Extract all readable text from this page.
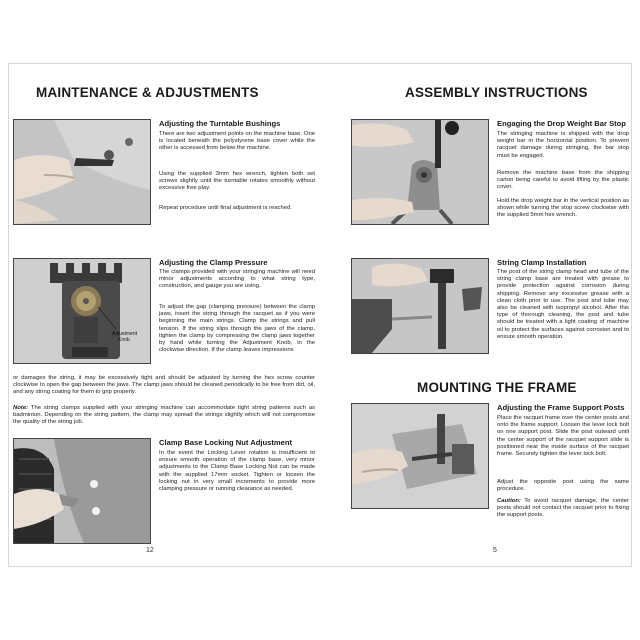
MAINTENANCE & ADJUSTMENTS
Adjusting the Turntable Bushings

There are two adjustment points on the machine base. One is located beneath the polystyrene base cover while the other is accessed from below the machine.

Using the supplied 3mm hex wrench, tighten both set screws slightly until the turntable rotates smoothly without excessive free play.

Repeat procedure until final adjustment is reached.

Adjustment Knob
Adjusting the Clamp Pressure

The clamps provided with your stringing machine will need minor adjustments according to what string type, construction, and gauge you are using.

To adjust the gap (clamping pressure) between the clamp jaws, insert the string through the racquet as if you were beginning the main strings. Clamp the strings and pull tension. If the string slips through the jaws of the clamp, tighten the clamp by compressing the clamp jaws together by hand while turning the Adjustment Knob, in the clockwise direction. If the clamp leaves impressions

or damages the string, it may be excessively tight and should be adjusted by turning the hex screw counter clockwise to open the gap between the jaws. The clamp jaws should be cleaned periodically to be free from dirt, oil, and any string coating for them to grip properly.

Note: The string clamps supplied with your stringing machine can accommodate tight string patterns such as badminton. Depending on the string pattern, the clamp may spread the strings slightly which will not compromise the quality of the string job.

Clamp Base Locking Nut Adjustment

In the event the Locking Lever rotation is insufficient to ensure smooth operation of the clamp base, very minor adjustments to the Clamp Base Locking Nut can be made with the supplied 17mm socket. Tighten or loosen the locking nut in very small increments to provide more clamping pressure or running clearance as needed.

12
ASSEMBLY INSTRUCTIONS
Engaging the Drop Weight Bar Stop

The stringing machine is shipped with the drop weight bar in the horizontal position. To prevent racquet damage during stringing, the bar stop must be engaged.

Remove the machine base from the shipping carton being careful to avoid lifting by the plastic cover.

Hold the drop weight bar in the vertical position as shown while turning the stop screw clockwise with the supplied 5mm hex wrench.

String Clamp Installation

The post of the string clamp head and tube of the string clamp base are treated with grease to provide protection against corrosion during shipping. Remove any excessive grease with a clean cloth prior to use. The post and tube may also be cleaned with isopropyl alcohol. After this type of thorough cleaning, the post and tube should be treated with a light coating of machine oil to protect the surfaces against corrosion and to ensure smooth operation.

MOUNTING THE FRAME
Adjusting the Frame Support Posts

Place the racquet frame over the center posts and onto the frame support. Loosen the lever lock bolt on one support post. Slide the post outward until the center support of the racquet support slide is positioned near the inside surface of the racquet frame. Securely tighten the lever lock bolt.

Adjust the opposite post using the same procedure.

Caution: To avoid racquet damage, the center posts should not contact the racquet prior to fixing the support posts.

5
